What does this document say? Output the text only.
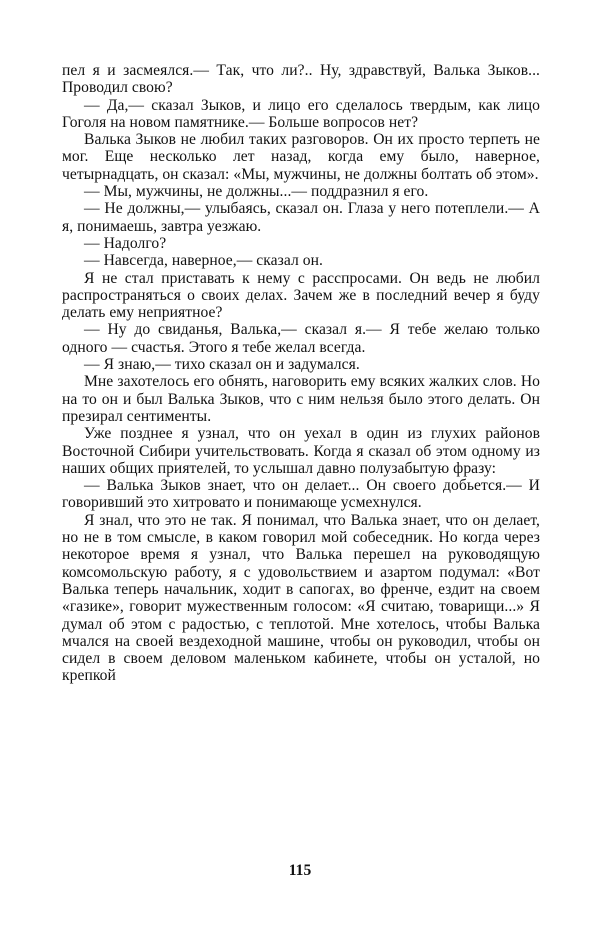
пел я и засмеялся.— Так, что ли?.. Ну, здравствуй, Валька Зыков... Проводил свою?

— Да,— сказал Зыков, и лицо его сделалось твердым, как лицо Гоголя на новом памятнике.— Больше вопросов нет?

Валька Зыков не любил таких разговоров. Он их просто терпеть не мог. Еще несколько лет назад, когда ему было, наверное, четырнадцать, он сказал: «Мы, мужчины, не должны болтать об этом».

— Мы, мужчины, не должны...— поддразнил я его.

— Не должны,— улыбаясь, сказал он. Глаза у него потеплели.— А я, понимаешь, завтра уезжаю.

— Надолго?

— Навсегда, наверное,— сказал он.

Я не стал приставать к нему с расспросами. Он ведь не любил распространяться о своих делах. Зачем же в последний вечер я буду делать ему неприятное?

— Ну до свиданья, Валька,— сказал я.— Я тебе желаю только одного — счастья. Этого я тебе желал всегда.

— Я знаю,— тихо сказал он и задумался.

Мне захотелось его обнять, наговорить ему всяких жалких слов. Но на то он и был Валька Зыков, что с ним нельзя было этого делать. Он презирал сентименты.

Уже позднее я узнал, что он уехал в один из глухих районов Восточной Сибири учительствовать. Когда я сказал об этом одному из наших общих приятелей, то услышал давно полузабытую фразу:

— Валька Зыков знает, что он делает... Он своего добьется.— И говоривший это хитровато и понимающе усмехнулся.

Я знал, что это не так. Я понимал, что Валька знает, что он делает, но не в том смысле, в каком говорил мой собеседник. Но когда через некоторое время я узнал, что Валька перешел на руководящую комсомольскую работу, я с удовольствием и азартом подумал: «Вот Валька теперь начальник, ходит в сапогах, во френче, ездит на своем «газике», говорит мужественным голосом: «Я считаю, товарищи...» Я думал об этом с радостью, с теплотой. Мне хотелось, чтобы Валька мчался на своей вездеходной машине, чтобы он руководил, чтобы он сидел в своем деловом маленьком кабинете, чтобы он усталой, но крепкой

115
